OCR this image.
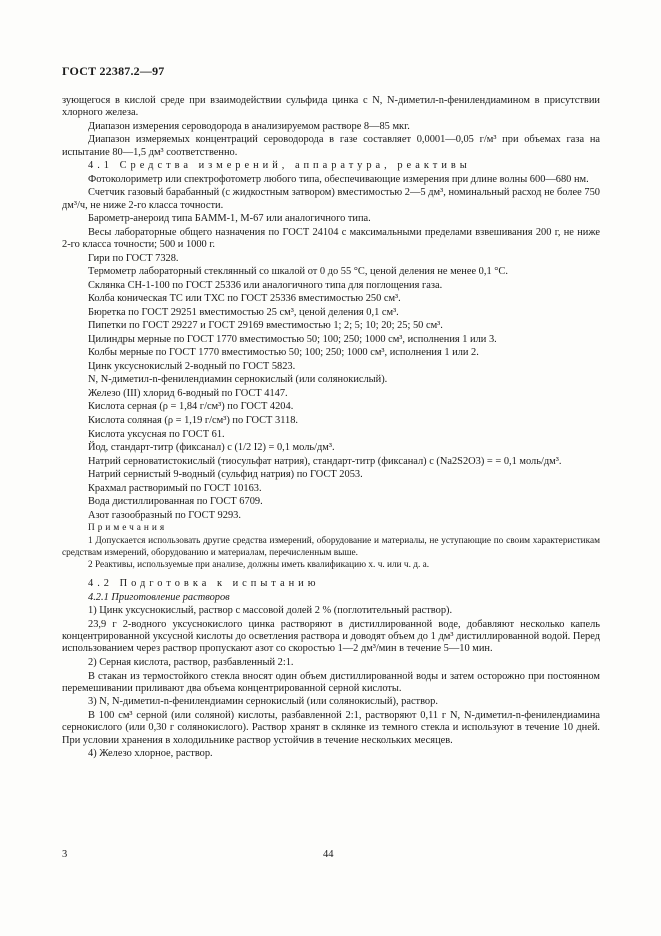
ГОСТ 22387.2—97

зующегося в кислой среде при взаимодействии сульфида цинка с N, N-диметил-n-фенилендиамином в присутствии хлорного железа.

Диапазон измерения сероводорода в анализируемом растворе 8—85 мкг.

Диапазон измеряемых концентраций сероводорода в газе составляет 0,0001—0,05 г/м³ при объемах газа на испытание 80—1,5 дм³ соответственно.

4.1 Средства измерений, аппаратура, реактивы

Фотоколориметр или спектрофотометр любого типа, обеспечивающие измерения при длине волны 600—680 нм.

Счетчик газовый барабанный (с жидкостным затвором) вместимостью 2—5 дм³, номинальный расход не более 750 дм³/ч, не ниже 2-го класса точности.

Барометр-анероид типа БАММ-1, М-67 или аналогичного типа.

Весы лабораторные общего назначения по ГОСТ 24104 с максимальными пределами взвешивания 200 г, не ниже 2-го класса точности; 500 и 1000 г.

Гири по ГОСТ 7328.

Термометр лабораторный стеклянный со шкалой от 0 до 55 °С, ценой деления не менее 0,1 °С.

Склянка СН-1-100 по ГОСТ 25336 или аналогичного типа для поглощения газа.

Колба коническая ТС или ТХС по ГОСТ 25336 вместимостью 250 см³.

Бюретка по ГОСТ 29251 вместимостью 25 см³, ценой деления 0,1 см³.

Пипетки по ГОСТ 29227 и ГОСТ 29169 вместимостью 1; 2; 5; 10; 20; 25; 50 см³.

Цилиндры мерные по ГОСТ 1770 вместимостью 50; 100; 250; 1000 см³, исполнения 1 или 3.

Колбы мерные по ГОСТ 1770 вместимостью 50; 100; 250; 1000 см³, исполнения 1 или 2.

Цинк уксуснокислый 2-водный по ГОСТ 5823.

N, N-диметил-n-фенилендиамин сернокислый (или солянокислый).

Железо (III) хлорид 6-водный по ГОСТ 4147.

Кислота серная (ρ = 1,84 г/см³) по ГОСТ 4204.

Кислота соляная (ρ = 1,19 г/см³) по ГОСТ 3118.

Кислота уксусная по ГОСТ 61.

Йод, стандарт-титр (фиксанал) с (1/2 I2) = 0,1 моль/дм³.

Натрий серноватистокислый (тиосульфат натрия), стандарт-титр (фиксанал) с (Na2S2O3) = = 0,1 моль/дм³.

Натрий сернистый 9-водный (сульфид натрия) по ГОСТ 2053.

Крахмал растворимый по ГОСТ 10163.

Вода дистиллированная по ГОСТ 6709.

Азот газообразный по ГОСТ 9293.

Примечания

1 Допускается использовать другие средства измерений, оборудование и материалы, не уступающие по своим характеристикам средствам измерений, оборудованию и материалам, перечисленным выше.

2 Реактивы, используемые при анализе, должны иметь квалификацию х. ч. или ч. д. а.

4.2 Подготовка к испытанию

4.2.1 Приготовление растворов

1) Цинк уксуснокислый, раствор с массовой долей 2 % (поглотительный раствор).

23,9 г 2-водного уксуснокислого цинка растворяют в дистиллированной воде, добавляют несколько капель концентрированной уксусной кислоты до осветления раствора и доводят объем до 1 дм³ дистиллированной водой. Перед использованием через раствор пропускают азот со скоростью 1—2 дм³/мин в течение 5—10 мин.

2) Серная кислота, раствор, разбавленный 2:1.

В стакан из термостойкого стекла вносят один объем дистиллированной воды и затем осторожно при постоянном перемешивании приливают два объема концентрированной серной кислоты.

3) N, N-диметил-n-фенилендиамин сернокислый (или солянокислый), раствор.

В 100 см³ серной (или соляной) кислоты, разбавленной 2:1, растворяют 0,11 г N, N-диметил-n-фенилендиамина сернокислого (или 0,30 г солянокислого). Раствор хранят в склянке из темного стекла и используют в течение 10 дней. При условии хранения в холодильнике раствор устойчив в течение нескольких месяцев.

4) Железо хлорное, раствор.

3	44
